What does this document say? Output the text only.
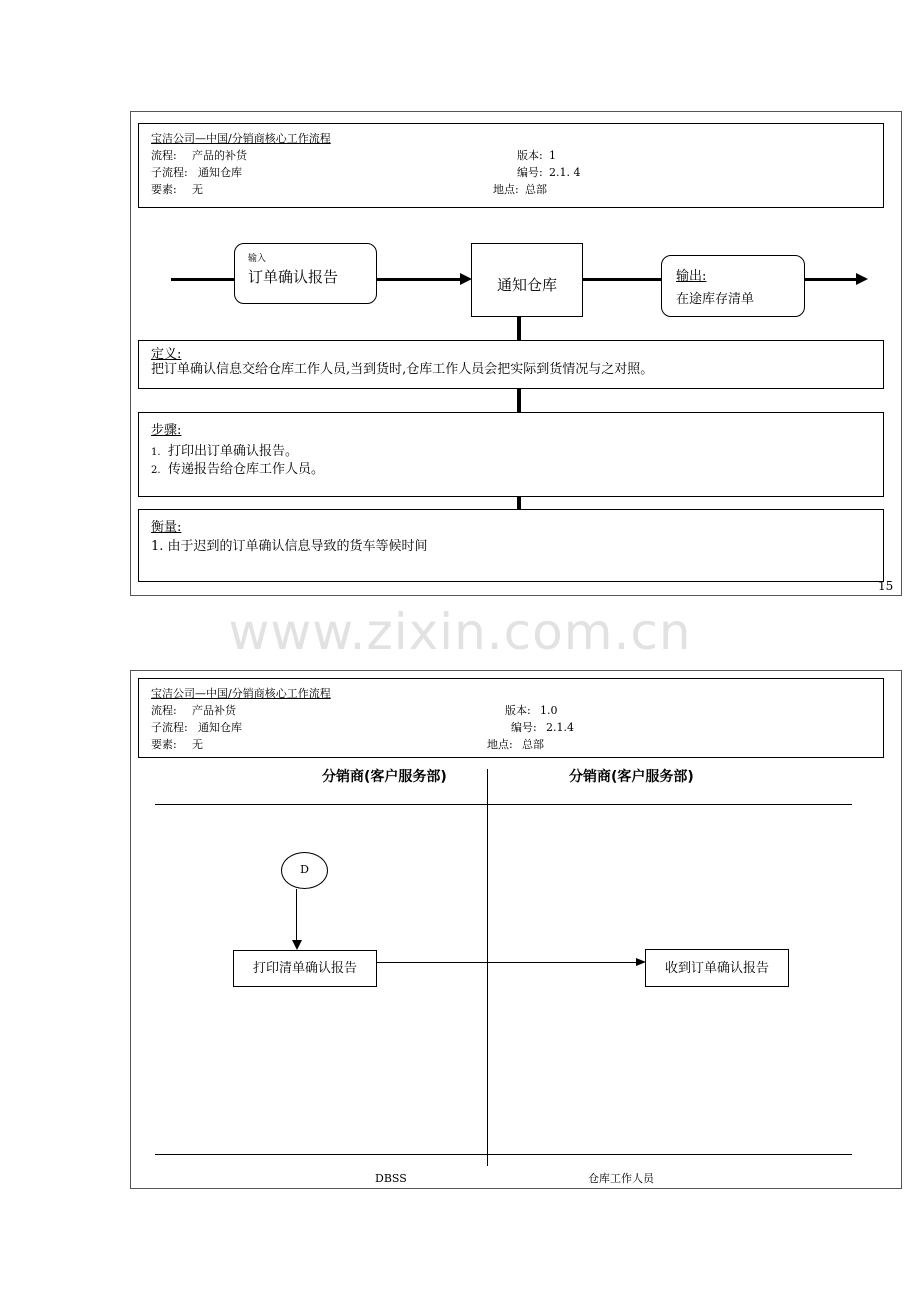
宝洁公司—中国/分销商核心工作流程
流程: 产品的补货	版本: 1
子流程: 通知仓库	编号: 2.1. 4
要素: 无	地点: 总部
输入
订单确认报告	通知仓库	输出:
在途库存清单
定义:
把订单确认信息交给仓库工作人员,当到货时,仓库工作人员会把实际到货情况与之对照。
步骤:
1. 打印出订单确认报告。
2. 传递报告给仓库工作人员。
衡量:
1. 由于迟到的订单确认信息导致的货车等候时间
15
www.zixin.com.cn
宝洁公司—中国/分销商核心工作流程
流程: 产品补货	版本: 1.0
子流程: 通知仓库	编号: 2.1.4
要素: 无	地点: 总部
分销商(客户服务部)	分销商(客户服务部)
D
打印清单确认报告	收到订单确认报告
DBSS	仓库工作人员
